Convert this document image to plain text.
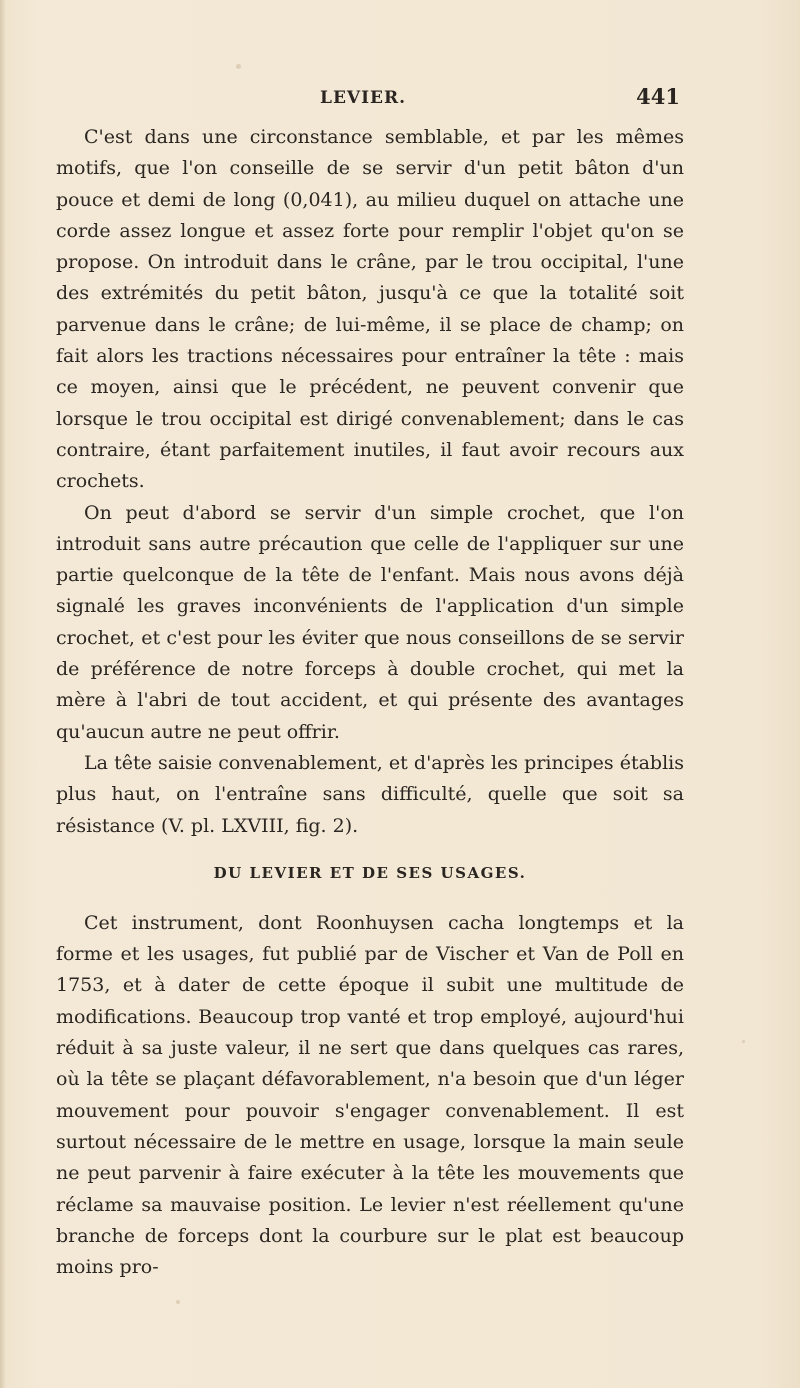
LEVIER.	441

C'est dans une circonstance semblable, et par les mêmes motifs, que l'on conseille de se servir d'un petit bâton d'un pouce et demi de long (0,041), au milieu duquel on attache une corde assez longue et assez forte pour remplir l'objet qu'on se propose. On introduit dans le crâne, par le trou occipital, l'une des extrémités du petit bâton, jusqu'à ce que la totalité soit parvenue dans le crâne; de lui-même, il se place de champ; on fait alors les tractions nécessaires pour entraîner la tête : mais ce moyen, ainsi que le précédent, ne peuvent convenir que lorsque le trou occipital est dirigé convenablement; dans le cas contraire, étant parfaitement inutiles, il faut avoir recours aux crochets.

On peut d'abord se servir d'un simple crochet, que l'on introduit sans autre précaution que celle de l'appliquer sur une partie quelconque de la tête de l'enfant. Mais nous avons déjà signalé les graves inconvénients de l'application d'un simple crochet, et c'est pour les éviter que nous conseillons de se servir de préférence de notre forceps à double crochet, qui met la mère à l'abri de tout accident, et qui présente des avantages qu'aucun autre ne peut offrir.

La tête saisie convenablement, et d'après les principes établis plus haut, on l'entraîne sans difficulté, quelle que soit sa résistance (V. pl. LXVIII, fig. 2).

DU LEVIER ET DE SES USAGES.

Cet instrument, dont Roonhuysen cacha longtemps et la forme et les usages, fut publié par de Vischer et Van de Poll en 1753, et à dater de cette époque il subit une multitude de modifications. Beaucoup trop vanté et trop employé, aujourd'hui réduit à sa juste valeur, il ne sert que dans quelques cas rares, où la tête se plaçant défavorablement, n'a besoin que d'un léger mouvement pour pouvoir s'engager convenablement. Il est surtout nécessaire de le mettre en usage, lorsque la main seule ne peut parvenir à faire exécuter à la tête les mouvements que réclame sa mauvaise position. Le levier n'est réellement qu'une branche de forceps dont la courbure sur le plat est beaucoup moins pro-
